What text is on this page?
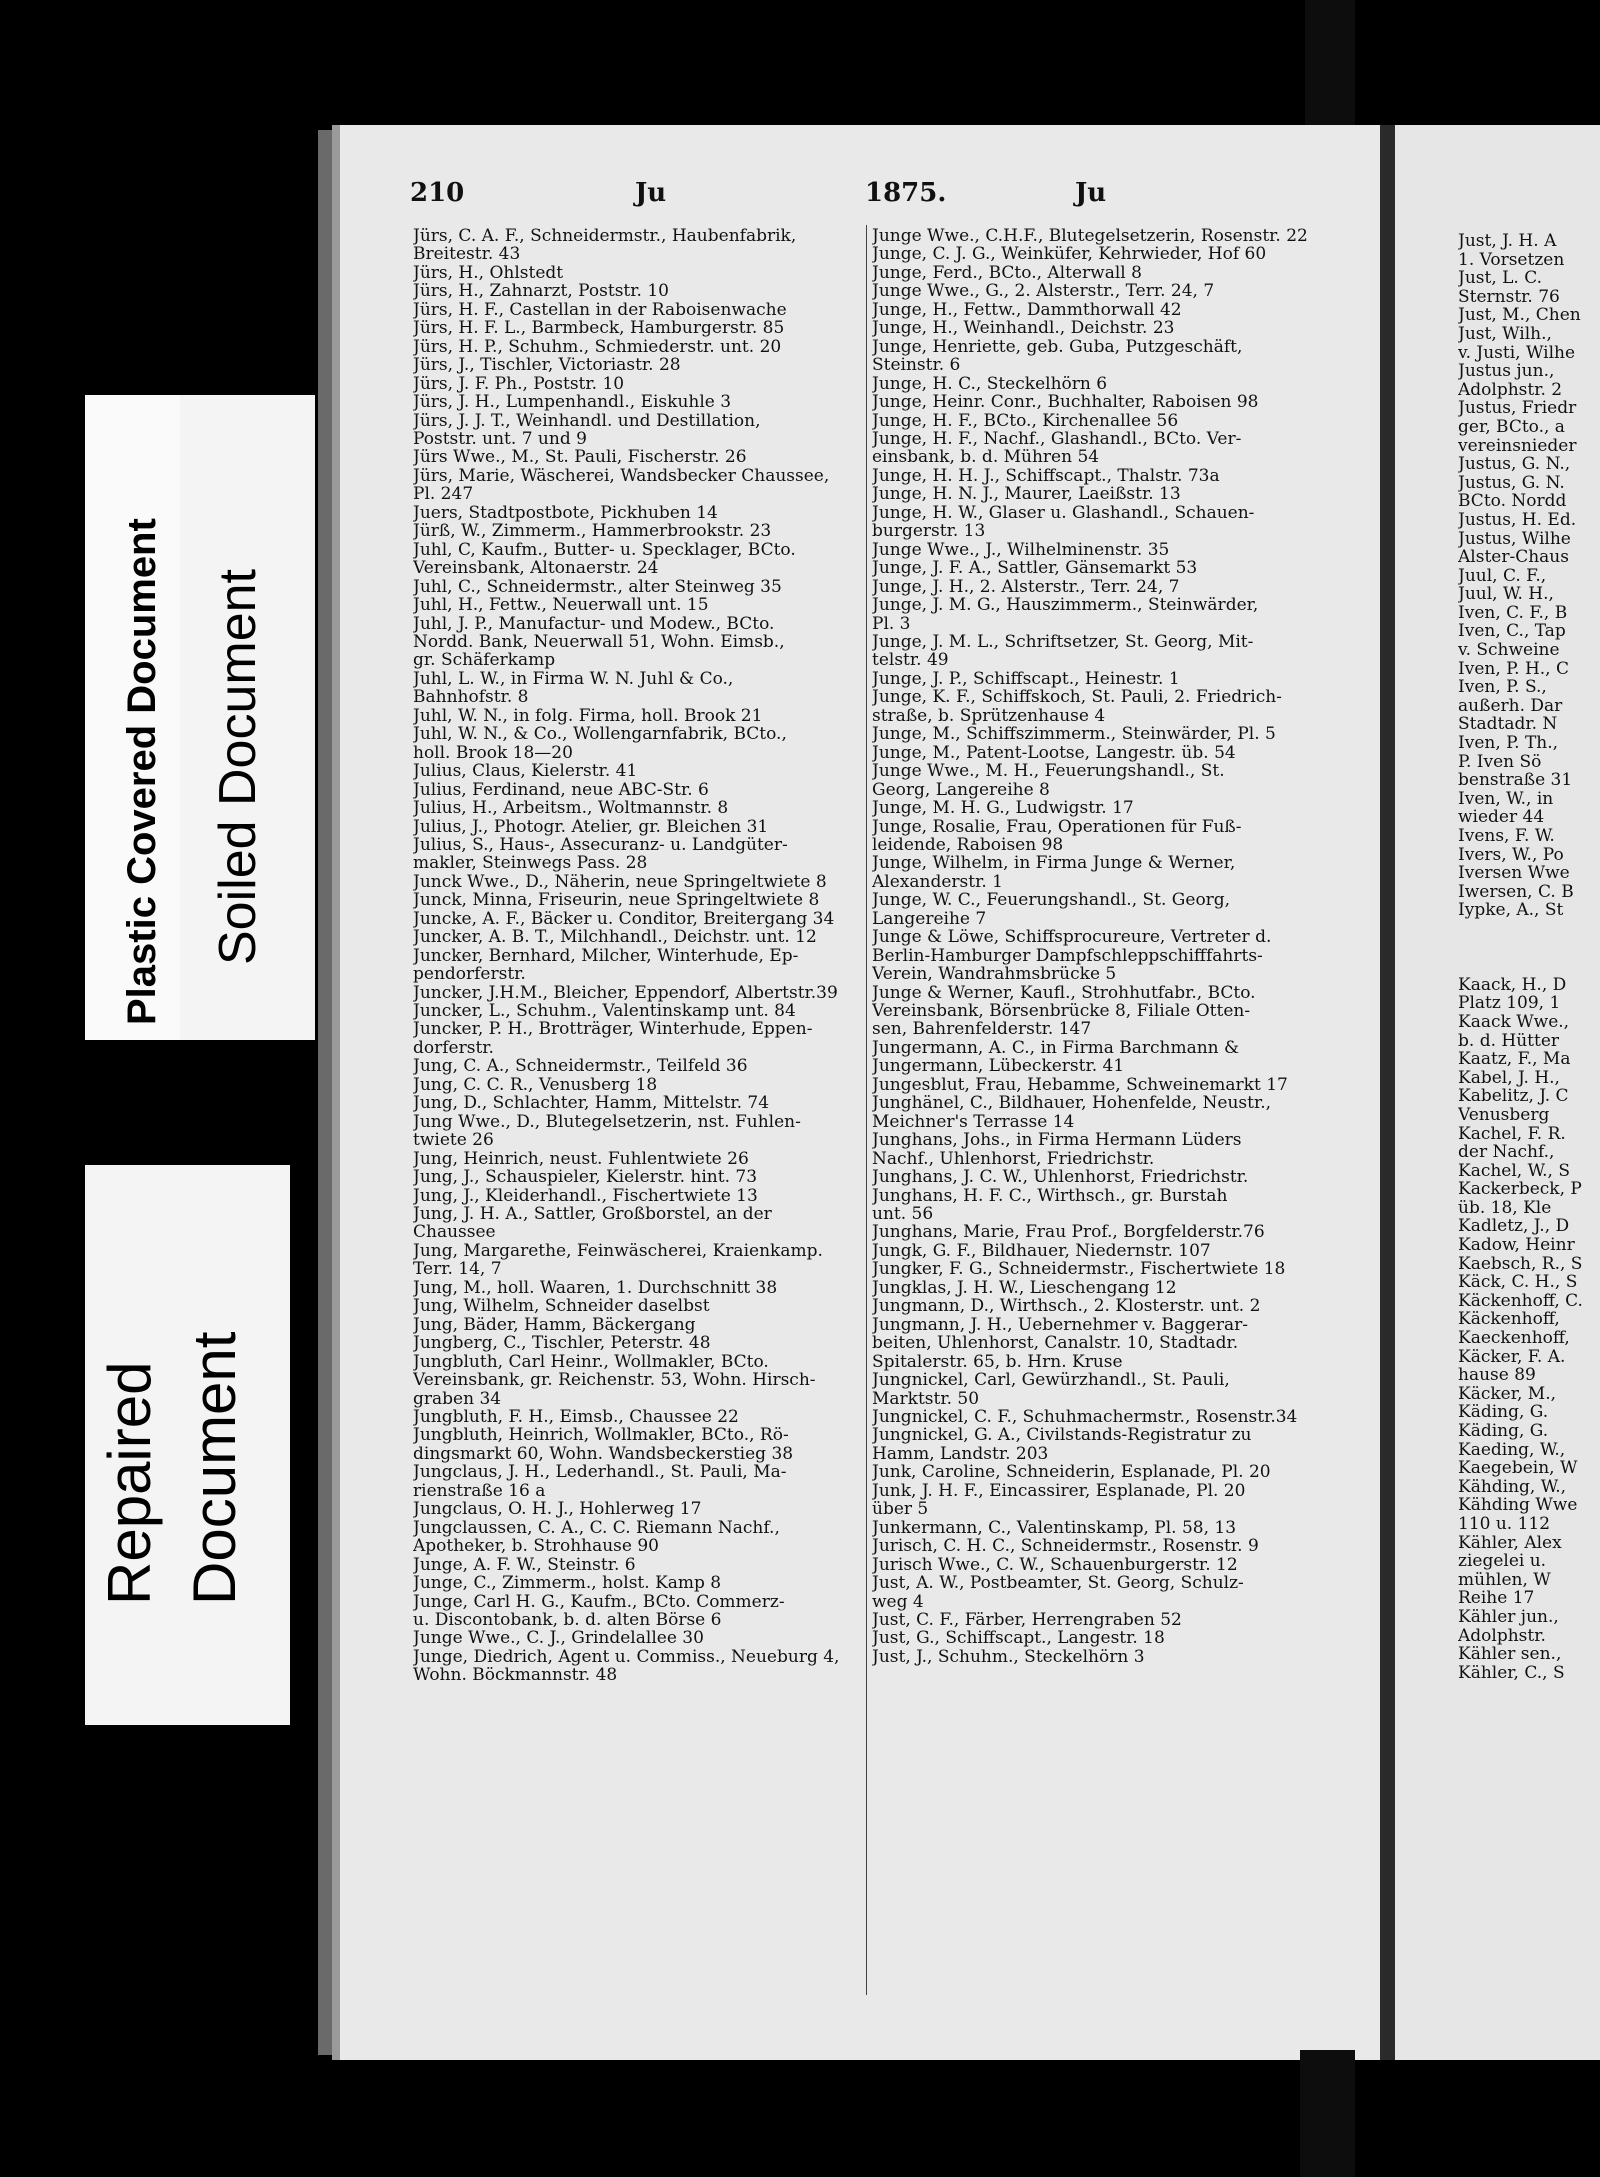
210	Ju	1875.	Ju
Jürs, C. A. F., Schneidermstr., Haubenfabrik,
Breitestr. 43
Jürs, H., Ohlstedt
Jürs, H., Zahnarzt, Poststr. 10
Jürs, H. F., Castellan in der Raboisenwache
Jürs, H. F. L., Barmbeck, Hamburgerstr. 85
Jürs, H. P., Schuhm., Schmiederstr. unt. 20
Jürs, J., Tischler, Victoriastr. 28
Jürs, J. F. Ph., Poststr. 10
Jürs, J. H., Lumpenhandl., Eiskuhle 3
Jürs, J. J. T., Weinhandl. und Destillation,
Poststr. unt. 7 und 9
Jürs Wwe., M., St. Pauli, Fischerstr. 26
Jürs, Marie, Wäscherei, Wandsbecker Chaussee,
Pl. 247
Juers, Stadtpostbote, Pickhuben 14
Jürß, W., Zimmerm., Hammerbrookstr. 23
Juhl, C, Kaufm., Butter- u. Specklager, BCto.
Vereinsbank, Altonaerstr. 24
Juhl, C., Schneidermstr., alter Steinweg 35
Juhl, H., Fettw., Neuerwall unt. 15
Juhl, J. P., Manufactur- und Modew., BCto.
Nordd. Bank, Neuerwall 51, Wohn. Eimsb.,
gr. Schäferkamp
Juhl, L. W., in Firma W. N. Juhl & Co.,
Bahnhofstr. 8
Juhl, W. N., in folg. Firma, holl. Brook 21
Juhl, W. N., & Co., Wollengarnfabrik, BCto.,
holl. Brook 18—20
Julius, Claus, Kielerstr. 41
Julius, Ferdinand, neue ABC-Str. 6
Julius, H., Arbeitsm., Woltmannstr. 8
Julius, J., Photogr. Atelier, gr. Bleichen 31
Julius, S., Haus-, Assecuranz- u. Landgüter-
makler, Steinwegs Pass. 28
Junck Wwe., D., Näherin, neue Springeltwiete 8
Junck, Minna, Friseurin, neue Springeltwiete 8
Juncke, A. F., Bäcker u. Conditor, Breitergang 34
Juncker, A. B. T., Milchhandl., Deichstr. unt. 12
Juncker, Bernhard, Milcher, Winterhude, Ep-
pendorferstr.
Juncker, J.H.M., Bleicher, Eppendorf, Albertstr.39
Juncker, L., Schuhm., Valentinskamp unt. 84
Juncker, P. H., Brotträger, Winterhude, Eppen-
dorferstr.
Jung, C. A., Schneidermstr., Teilfeld 36
Jung, C. C. R., Venusberg 18
Jung, D., Schlachter, Hamm, Mittelstr. 74
Jung Wwe., D., Blutegelsetzerin, nst. Fuhlen-
twiete 26
Jung, Heinrich, neust. Fuhlentwiete 26
Jung, J., Schauspieler, Kielerstr. hint. 73
Jung, J., Kleiderhandl., Fischertwiete 13
Jung, J. H. A., Sattler, Großborstel, an der
Chaussee
Jung, Margarethe, Feinwäscherei, Kraienkamp.
Terr. 14, 7
Jung, M., holl. Waaren, 1. Durchschnitt 38
Jung, Wilhelm, Schneider daselbst
Jung, Bäder, Hamm, Bäckergang
Jungberg, C., Tischler, Peterstr. 48
Jungbluth, Carl Heinr., Wollmakler, BCto.
Vereinsbank, gr. Reichenstr. 53, Wohn. Hirsch-
graben 34
Jungbluth, F. H., Eimsb., Chaussee 22
Jungbluth, Heinrich, Wollmakler, BCto., Rö-
dingsmarkt 60, Wohn. Wandsbeckerstieg 38
Jungclaus, J. H., Lederhandl., St. Pauli, Ma-
rienstraße 16 a
Jungclaus, O. H. J., Hohlerweg 17
Jungclaussen, C. A., C. C. Riemann Nachf.,
Apotheker, b. Strohhause 90
Junge, A. F. W., Steinstr. 6
Junge, C., Zimmerm., holst. Kamp 8
Junge, Carl H. G., Kaufm., BCto. Commerz-
u. Discontobank, b. d. alten Börse 6
Junge Wwe., C. J., Grindelallee 30
Junge, Diedrich, Agent u. Commiss., Neueburg 4,
Wohn. Böckmannstr. 48
Junge Wwe., C.H.F., Blutegelsetzerin, Rosenstr. 22
Junge, C. J. G., Weinküfer, Kehrwieder, Hof 60
Junge, Ferd., BCto., Alterwall 8
Junge Wwe., G., 2. Alsterstr., Terr. 24, 7
Junge, H., Fettw., Dammthorwall 42
Junge, H., Weinhandl., Deichstr. 23
Junge, Henriette, geb. Guba, Putzgeschäft,
Steinstr. 6
Junge, H. C., Steckelhörn 6
Junge, Heinr. Conr., Buchhalter, Raboisen 98
Junge, H. F., BCto., Kirchenallee 56
Junge, H. F., Nachf., Glashandl., BCto. Ver-
einsbank, b. d. Mühren 54
Junge, H. H. J., Schiffscapt., Thalstr. 73a
Junge, H. N. J., Maurer, Laeißstr. 13
Junge, H. W., Glaser u. Glashandl., Schauen-
burgerstr. 13
Junge Wwe., J., Wilhelminenstr. 35
Junge, J. F. A., Sattler, Gänsemarkt 53
Junge, J. H., 2. Alsterstr., Terr. 24, 7
Junge, J. M. G., Hauszimmerm., Steinwärder,
Pl. 3
Junge, J. M. L., Schriftsetzer, St. Georg, Mit-
telstr. 49
Junge, J. P., Schiffscapt., Heinestr. 1
Junge, K. F., Schiffskoch, St. Pauli, 2. Friedrich-
straße, b. Sprützenhause 4
Junge, M., Schiffszimmerm., Steinwärder, Pl. 5
Junge, M., Patent-Lootse, Langestr. üb. 54
Junge Wwe., M. H., Feuerungshandl., St.
Georg, Langereihe 8
Junge, M. H. G., Ludwigstr. 17
Junge, Rosalie, Frau, Operationen für Fuß-
leidende, Raboisen 98
Junge, Wilhelm, in Firma Junge & Werner,
Alexanderstr. 1
Junge, W. C., Feuerungshandl., St. Georg,
Langereihe 7
Junge & Löwe, Schiffsprocureure, Vertreter d.
Berlin-Hamburger Dampfschleppschifffahrts-
Verein, Wandrahmsbrücke 5
Junge & Werner, Kaufl., Strohhutfabr., BCto.
Vereinsbank, Börsenbrücke 8, Filiale Otten-
sen, Bahrenfelderstr. 147
Jungermann, A. C., in Firma Barchmann &
Jungermann, Lübeckerstr. 41
Jungesblut, Frau, Hebamme, Schweinemarkt 17
Junghänel, C., Bildhauer, Hohenfelde, Neustr.,
Meichner's Terrasse 14
Junghans, Johs., in Firma Hermann Lüders
Nachf., Uhlenhorst, Friedrichstr.
Junghans, J. C. W., Uhlenhorst, Friedrichstr.
Junghans, H. F. C., Wirthsch., gr. Burstah
unt. 56
Junghans, Marie, Frau Prof., Borgfelderstr.76
Jungk, G. F., Bildhauer, Niedernstr. 107
Jungker, F. G., Schneidermstr., Fischertwiete 18
Jungklas, J. H. W., Lieschengang 12
Jungmann, D., Wirthsch., 2. Klosterstr. unt. 2
Jungmann, J. H., Uebernehmer v. Baggerar-
beiten, Uhlenhorst, Canalstr. 10, Stadtadr.
Spitalerstr. 65, b. Hrn. Kruse
Jungnickel, Carl, Gewürzhandl., St. Pauli,
Marktstr. 50
Jungnickel, C. F., Schuhmachermstr., Rosenstr.34
Jungnickel, G. A., Civilstands-Registratur zu
Hamm, Landstr. 203
Junk, Caroline, Schneiderin, Esplanade, Pl. 20
Junk, J. H. F., Eincassirer, Esplanade, Pl. 20
über 5
Junkermann, C., Valentinskamp, Pl. 58, 13
Jurisch, C. H. C., Schneidermstr., Rosenstr. 9
Jurisch Wwe., C. W., Schauenburgerstr. 12
Just, A. W., Postbeamter, St. Georg, Schulz-
weg 4
Just, C. F., Färber, Herrengraben 52
Just, G., Schiffscapt., Langestr. 18
Just, J., Schuhm., Steckelhörn 3
Just, J. H. A
1. Vorsetzen
Just, L. C.
Sternstr. 76
Just, M., Chen
Just, Wilh.,
v. Justi, Wilhe
Justus jun.,
Adolphstr. 2
Justus, Friedr
ger, BCto., a
vereinsnieder
Justus, G. N.,
Justus, G. N.
BCto. Nordd
Justus, H. Ed.
Justus, Wilhe
Alster-Chaus
Juul, C. F.,
Juul, W. H.,
Iven, C. F., B
Iven, C., Tap
v. Schweine
Iven, P. H., C
Iven, P. S.,
außerh. Dar
Stadtadr. N
Iven, P. Th.,
P. Iven Sö
benstraße 31
Iven, W., in
wieder 44
Ivens, F. W.
Ivers, W., Po
Iversen Wwe
Iwersen, C. B
Iypke, A., St

Kaack, H., D
Platz 109, 1
Kaack Wwe.,
b. d. Hütter
Kaatz, F., Ma
Kabel, J. H.,
Kabelitz, J. C
Venusberg
Kachel, F. R.
der Nachf.,
Kachel, W., S
Kackerbeck, P
üb. 18, Kle
Kadletz, J., D
Kadow, Heinr
Kaebsch, R., S
Käck, C. H., S
Käckenhoff, C.
Käckenhoff,
Kaeckenhoff,
Käcker, F. A.
hause 89
Käcker, M.,
Käding, G.
Käding, G.
Kaeding, W.,
Kaegebein, W
Kähding, W.,
Kähding Wwe
110 u. 112
Kähler, Alex
ziegelei u.
mühlen, W
Reihe 17
Kähler jun.,
Adolphstr.
Kähler sen.,
Kähler, C., S
Plastic Covered Document Soiled Document
Repaired Document
